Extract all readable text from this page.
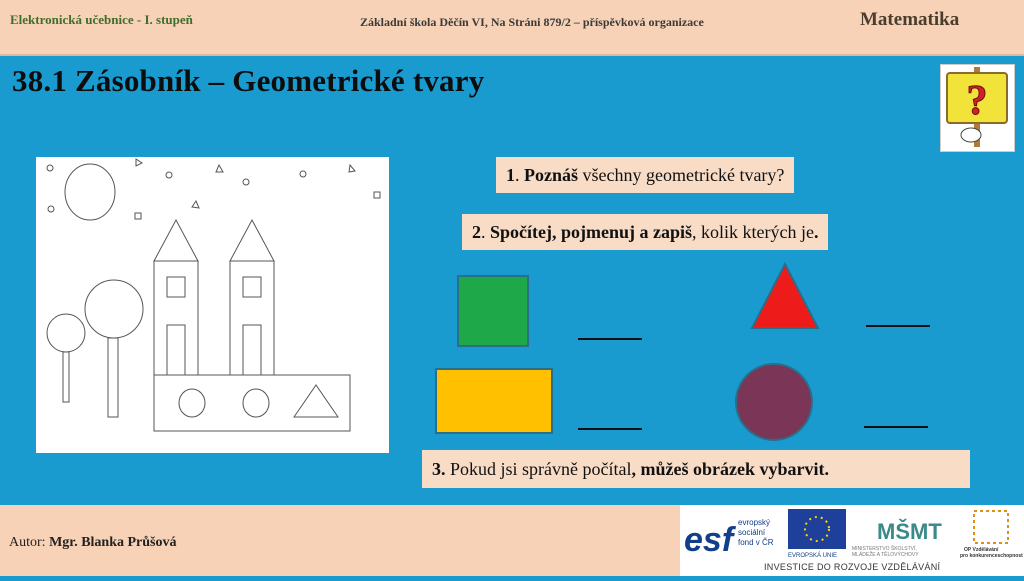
Elektronická učebnice - I. stupeň	Základní škola Děčín VI, Na Stráni 879/2 – příspěvková organizace	Matematika
38.1 Zásobník – Geometrické tvary	?
1. Poznáš všechny geometrické tvary?
2. Spočítej, pojmenuj a zapiš, kolik kterých je.
3. Pokud jsi správně počítal, můžeš obrázek vybarvit.
Autor: Mgr. Blanka Průšová	esf evropský
sociální
fond v ČR
EVROPSKÁ UNIE
MŠMT
MINISTERSTVO ŠKOLSTVÍ,
MLÁDEŽE A TĚLOVÝCHOVY
OP Vzdělávání
pro konkurenceschopnost
INVESTICE DO ROZVOJE VZDĚLÁVÁNÍ
